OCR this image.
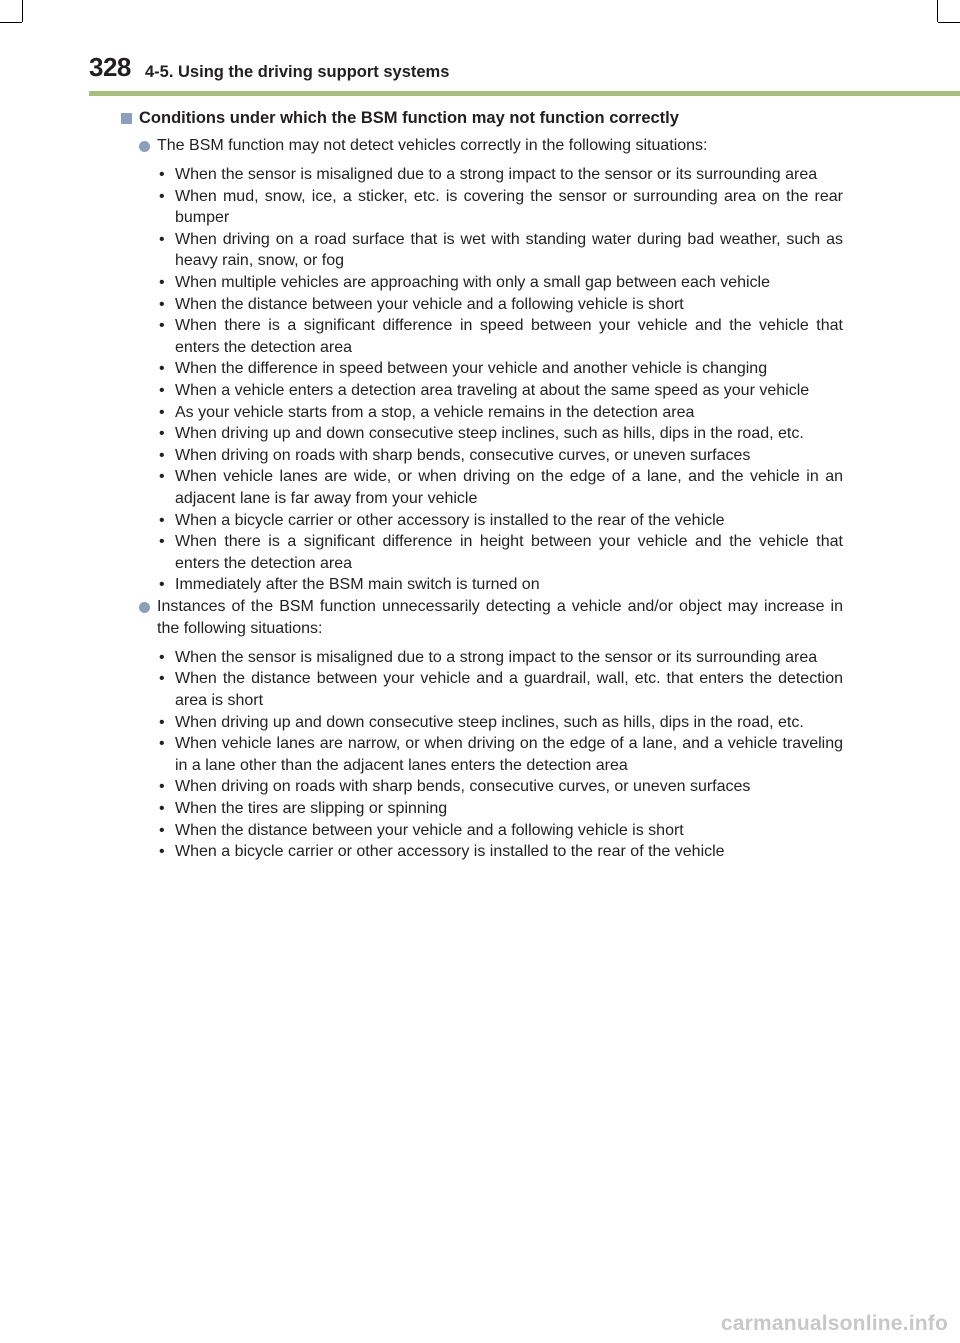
328 4-5. Using the driving support systems
Conditions under which the BSM function may not function correctly
The BSM function may not detect vehicles correctly in the following situations:
• When the sensor is misaligned due to a strong impact to the sensor or its surrounding area
• When mud, snow, ice, a sticker, etc. is covering the sensor or surrounding area on the rear bumper
• When driving on a road surface that is wet with standing water during bad weather, such as heavy rain, snow, or fog
• When multiple vehicles are approaching with only a small gap between each vehicle
• When the distance between your vehicle and a following vehicle is short
• When there is a significant difference in speed between your vehicle and the vehicle that enters the detection area
• When the difference in speed between your vehicle and another vehicle is changing
• When a vehicle enters a detection area traveling at about the same speed as your vehicle
• As your vehicle starts from a stop, a vehicle remains in the detection area
• When driving up and down consecutive steep inclines, such as hills, dips in the road, etc.
• When driving on roads with sharp bends, consecutive curves, or uneven surfaces
• When vehicle lanes are wide, or when driving on the edge of a lane, and the vehicle in an adjacent lane is far away from your vehicle
• When a bicycle carrier or other accessory is installed to the rear of the vehicle
• When there is a significant difference in height between your vehicle and the vehicle that enters the detection area
• Immediately after the BSM main switch is turned on
Instances of the BSM function unnecessarily detecting a vehicle and/or object may increase in the following situations:
• When the sensor is misaligned due to a strong impact to the sensor or its surrounding area
• When the distance between your vehicle and a guardrail, wall, etc. that enters the detection area is short
• When driving up and down consecutive steep inclines, such as hills, dips in the road, etc.
• When vehicle lanes are narrow, or when driving on the edge of a lane, and a vehicle traveling in a lane other than the adjacent lanes enters the detection area
• When driving on roads with sharp bends, consecutive curves, or uneven surfaces
• When the tires are slipping or spinning
• When the distance between your vehicle and a following vehicle is short
• When a bicycle carrier or other accessory is installed to the rear of the vehicle
carmanualsonline.info
